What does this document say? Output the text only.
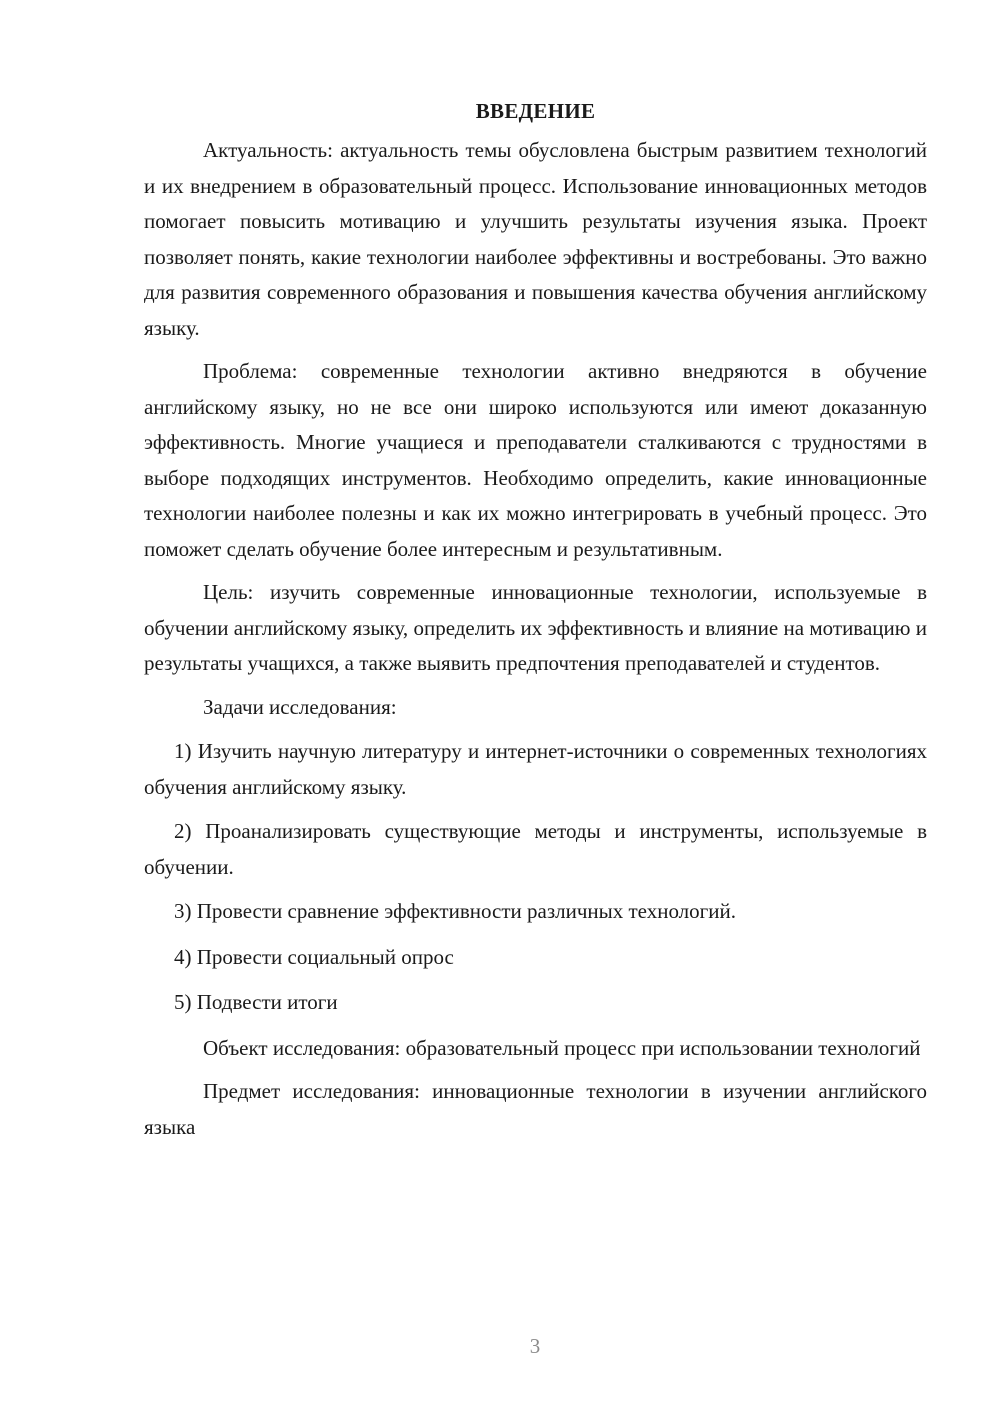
ВВЕДЕНИЕ

Актуальность: актуальность темы обусловлена быстрым развитием технологий и их внедрением в образовательный процесс. Использование инновационных методов помогает повысить мотивацию и улучшить результаты изучения языка. Проект позволяет понять, какие технологии наиболее эффективны и востребованы. Это важно для развития современного образования и повышения качества обучения английскому языку.

Проблема: современные технологии активно внедряются в обучение английскому языку, но не все они широко используются или имеют доказанную эффективность. Многие учащиеся и преподаватели сталкиваются с трудностями в выборе подходящих инструментов. Необходимо определить, какие инновационные технологии наиболее полезны и как их можно интегрировать в учебный процесс. Это поможет сделать обучение более интересным и результативным.

Цель: изучить современные инновационные технологии, используемые в обучении английскому языку, определить их эффективность и влияние на мотивацию и результаты учащихся, а также выявить предпочтения преподавателей и студентов.

Задачи исследования:

1) Изучить научную литературу и интернет-источники о современных технологиях обучения английскому языку.

2) Проанализировать существующие методы и инструменты, используемые в обучении.

3) Провести сравнение эффективности различных технологий.

4) Провести социальный опрос

5) Подвести итоги

Объект исследования: образовательный процесс при использовании технологий

Предмет исследования: инновационные технологии в изучении английского языка

3
